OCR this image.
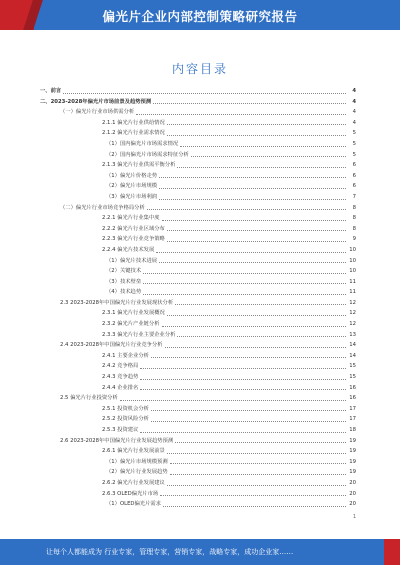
偏光片企业内部控制策略研究报告
内容目录
一、前言	4
二、2023-2028年偏光片市场前景及趋势预测	4
（一）偏光片行业市场供需分析	4
2.1.1 偏光片行业供给情况	4
2.1.2 偏光片行业需求情况	5
（1）国内偏光片市场需求情况	5
（2）国内偏光片市场需求特征分析	5
2.1.3 偏光片行业供需平衡分析	6
（1）偏光片价格走势	6
（2）偏光片市场规模	6
（3）偏光片市场利润	7
（二）偏光片行业市场竞争格局分析	8
2.2.1 偏光片行业集中度	8
2.2.2 偏光片行业区域分布	8
2.2.3 偏光片行业竞争策略	9
2.2.4 偏光片技术发展	10
（1）偏光片技术进展	10
（2）关键技术	10
（3）技术壁垒	11
（4）技术趋势	11
2.3 2023-2028年中国偏光片行业发展现状分析	12
2.3.1 偏光片行业发展概况	12
2.3.2 偏光片产业链分析	12
2.3.3 偏光片行业主要企业分析	13
2.4 2023-2028年中国偏光片行业竞争分析	14
2.4.1 主要企业分析	14
2.4.2 竞争格局	15
2.4.3 竞争趋势	15
2.4.4 企业排名	16
2.5 偏光片行业投资分析	16
2.5.1 投资机会分析	17
2.5.2 投资风险分析	17
2.5.3 投资建议	18
2.6 2023-2028年中国偏光片行业发展趋势预测	19
2.6.1 偏光片行业发展前景	19
（1）偏光片市场规模预测	19
（2）偏光片行业发展趋势	19
2.6.2 偏光片行业发展建议	20
2.6.3 OLED偏光片市场	20
（1）OLED偏光片需求	20
1
让每个人都能成为 行业专家，管理专家，营销专家，战略专家，成功企业家……
